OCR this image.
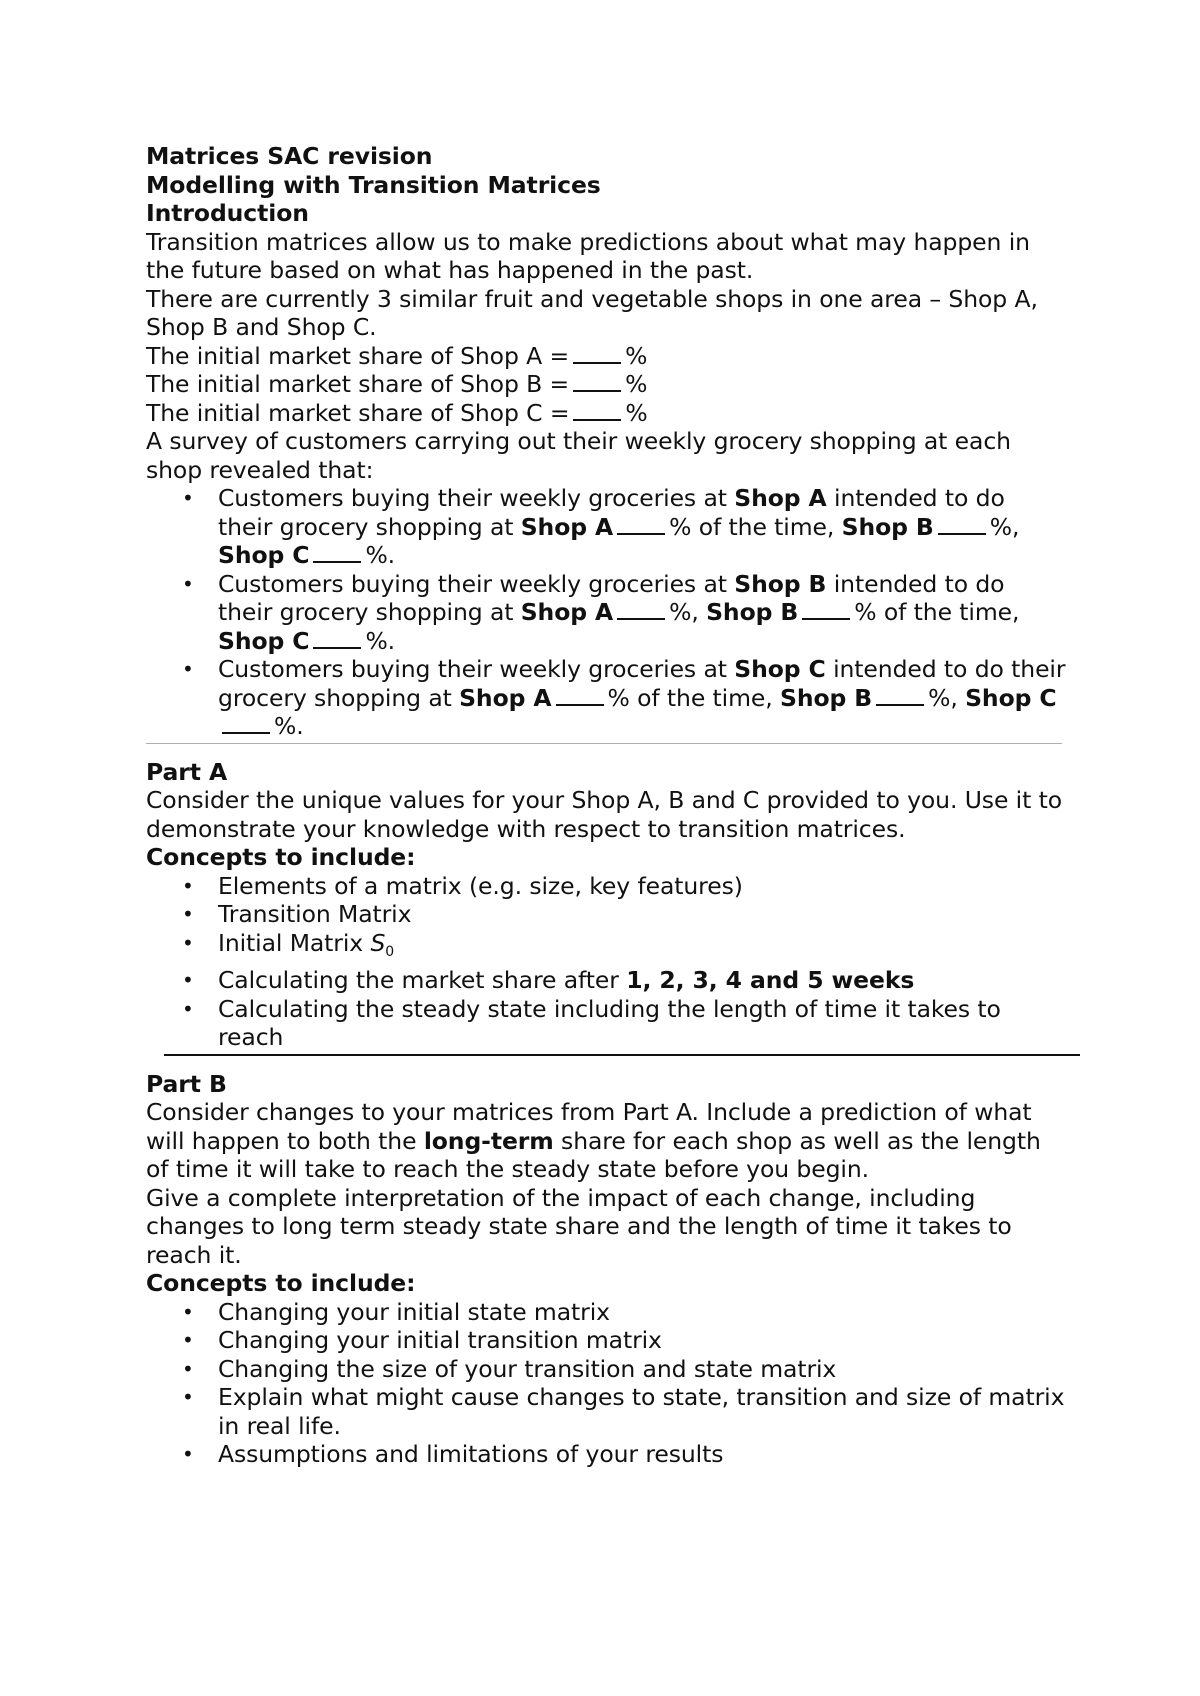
Matrices SAC revision

Modelling with Transition Matrices

Introduction

Transition matrices allow us to make predictions about what may happen in the future based on what has happened in the past.

There are currently 3 similar fruit and vegetable shops in one area – Shop A, Shop B and Shop C.

The initial market share of Shop A = %

The initial market share of Shop B = %

The initial market share of Shop C = %

A survey of customers carrying out their weekly grocery shopping at each shop revealed that:

• Customers buying their weekly groceries at Shop A intended to do their grocery shopping at Shop A % of the time, Shop B %, Shop C %.
• Customers buying their weekly groceries at Shop B intended to do their grocery shopping at Shop A %, Shop B % of the time, Shop C %.
• Customers buying their weekly groceries at Shop C intended to do their grocery shopping at Shop A % of the time, Shop B %, Shop C%.

Part A

Consider the unique values for your Shop A, B and C provided to you. Use it to demonstrate your knowledge with respect to transition matrices.

Concepts to include:

• Elements of a matrix (e.g. size, key features)
• Transition Matrix
• Initial Matrix $S_0$
• Calculating the market share after 1, 2, 3, 4 and 5 weeks
• Calculating the steady state including the length of time it takes to reach

Part B

Consider changes to your matrices from Part A. Include a prediction of what will happen to both the long-term share for each shop as well as the length of time it will take to reach the steady state before you begin.

Give a complete interpretation of the impact of each change, including changes to long term steady state share and the length of time it takes to reach it.

Concepts to include:

• Changing your initial state matrix
• Changing your initial transition matrix
• Changing the size of your transition and state matrix
• Explain what might cause changes to state, transition and size of matrix in real life.
• Assumptions and limitations of your results
